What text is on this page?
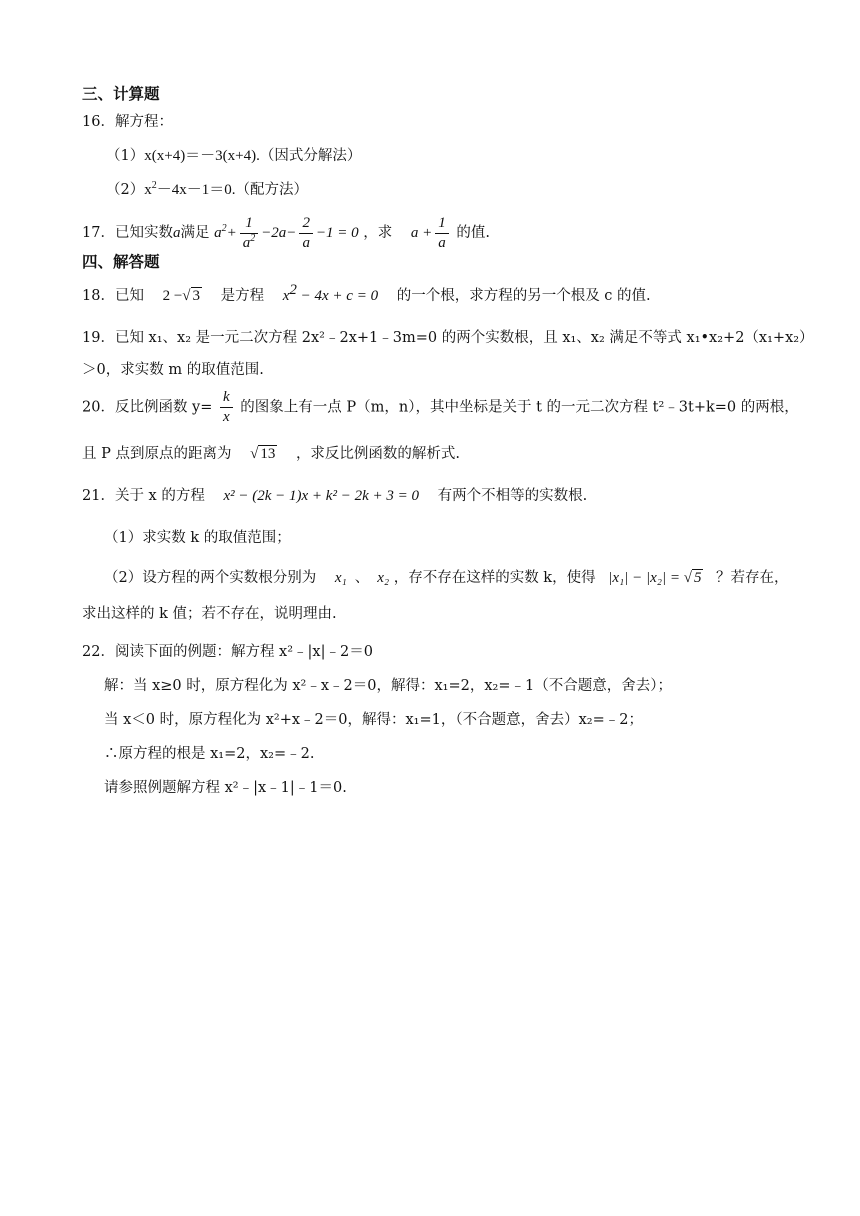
三、计算题
16．解方程：
（1）x(x+4)＝－3(x+4).（因式分解法）
$(2)x^2-4x-1=0$.（配方法）
17．已知实数a满足 $a^2+ \frac{1}{a^2} -2a- \frac{2}{a} -1 = 0$ ，求 $a + \frac{1}{a}$ 的值.
四、解答题
18．已知 2 −√ 3 是方程 $x^2 - 4x + c = 0$ 的一个根，求方程的另一个根及 c 的值.
19．已知 x₁、x₂ 是一元二次方程 2x²﹣2x+1﹣3m=0 的两个实数根，且 x₁、x₂ 满足不等式 x₁•x₂+2（x₁+x₂）
＞0，求实数 m 的取值范围.
20．反比例函数 $y= \frac{k}{x}$ 的图象上有一点 P（m，n），其中坐标是关于 t 的一元二次方程 t²﹣3t+k=0 的两根，
且 P 点到原点的距离为 √ 13 ，求反比例函数的解析式.
21．关于 x 的方程 x² − (2k − 1)x + k² − 2k + 3 = 0 有两个不相等的实数根.
（1）求实数 k 的取值范围；
（2）设方程的两个实数根分别为 x₁ 、 x₂ ，存不存在这样的实数 k，使得 |x₁| − |x₂| = √ 5 ？若存在，
求出这样的 k 值；若不存在，说明理由.
22．阅读下面的例题：解方程 x²﹣|x|﹣2＝0
解：当 x≥0 时，原方程化为 x²﹣x﹣2＝0，解得：x₁=2，x₂=﹣1（不合题意，舍去）；
当 x＜0 时，原方程化为 x²+x﹣2＝0，解得：x₁=1，（不合题意，舍去）x₂=﹣2；
∴原方程的根是 x₁=2，x₂=﹣2.
请参照例题解方程 x²﹣|x﹣1|﹣1＝0.
